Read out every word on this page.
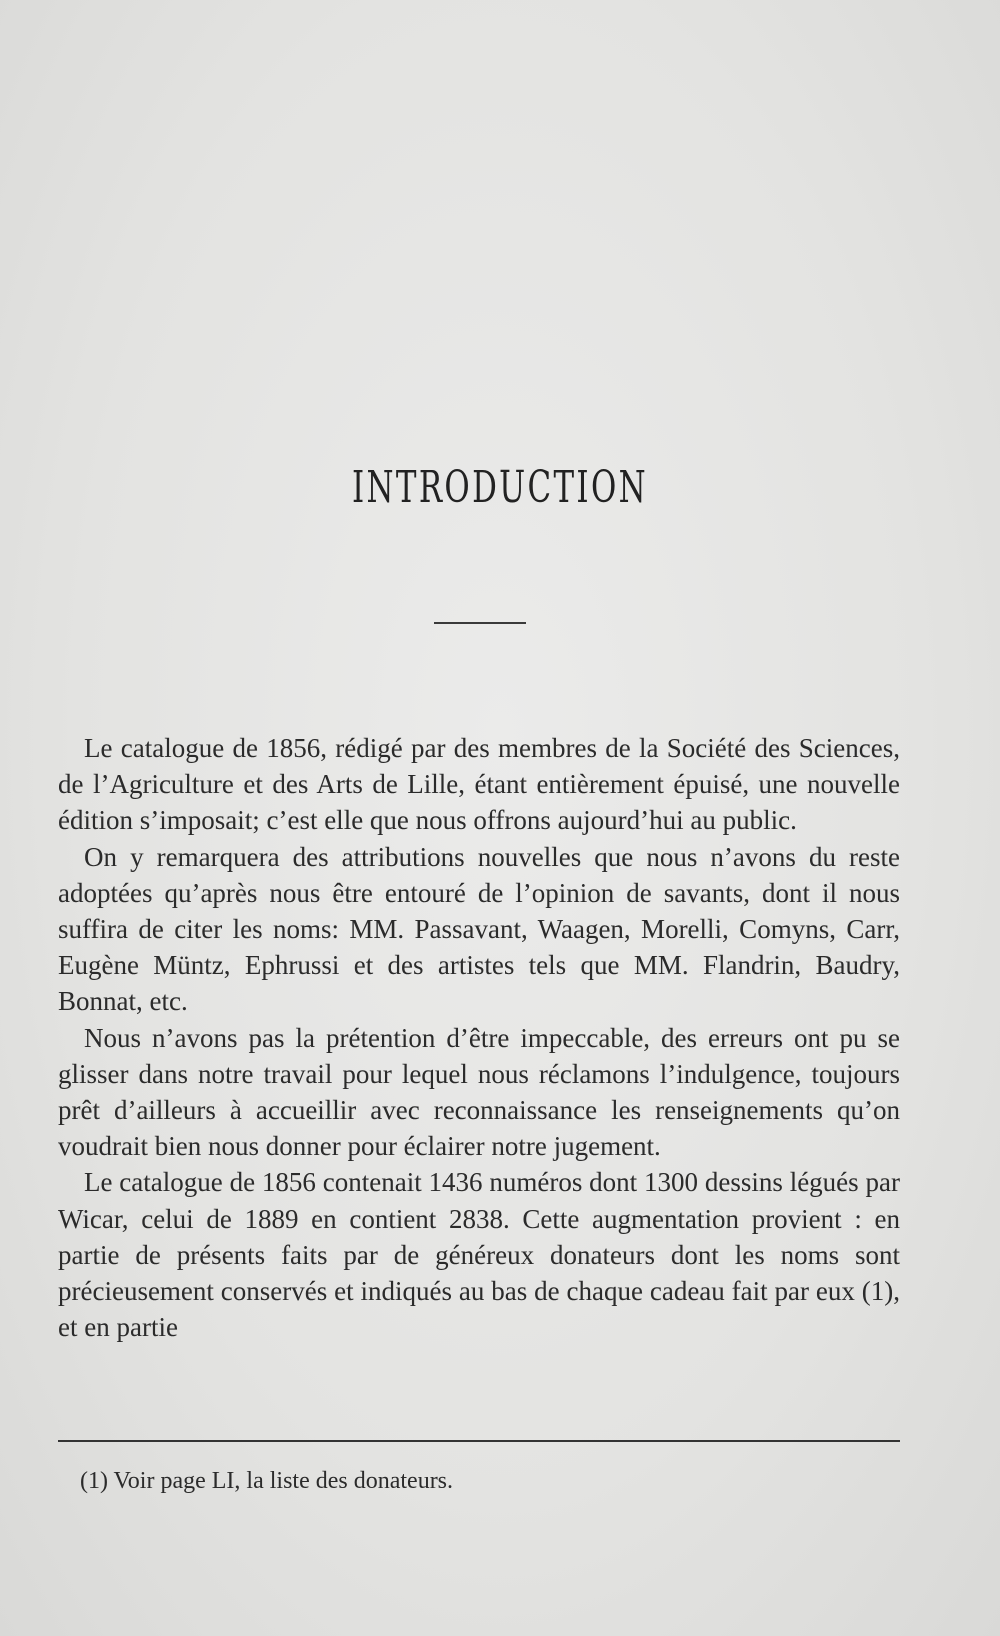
INTRODUCTION

Le catalogue de 1856, rédigé par des membres de la Société des Sciences, de l’Agriculture et des Arts de Lille, étant entièrement épuisé, une nouvelle édition s’imposait; c’est elle que nous offrons aujourd’hui au public.

On y remarquera des attributions nouvelles que nous n’avons du reste adoptées qu’après nous être entouré de l’opinion de savants, dont il nous suffira de citer les noms: MM. Passavant, Waagen, Morelli, Comyns, Carr, Eugène Müntz, Ephrussi et des artistes tels que MM. Flandrin, Baudry, Bonnat, etc.

Nous n’avons pas la prétention d’être impeccable, des erreurs ont pu se glisser dans notre travail pour lequel nous réclamons l’indulgence, toujours prêt d’ailleurs à accueillir avec reconnaissance les renseignements qu’on voudrait bien nous donner pour éclairer notre jugement.

Le catalogue de 1856 contenait 1436 numéros dont 1300 dessins légués par Wicar, celui de 1889 en contient 2838. Cette augmentation provient : en partie de présents faits par de généreux donateurs dont les noms sont précieusement conservés et indiqués au bas de chaque cadeau fait par eux (1), et en partie

(1) Voir page LI, la liste des donateurs.
